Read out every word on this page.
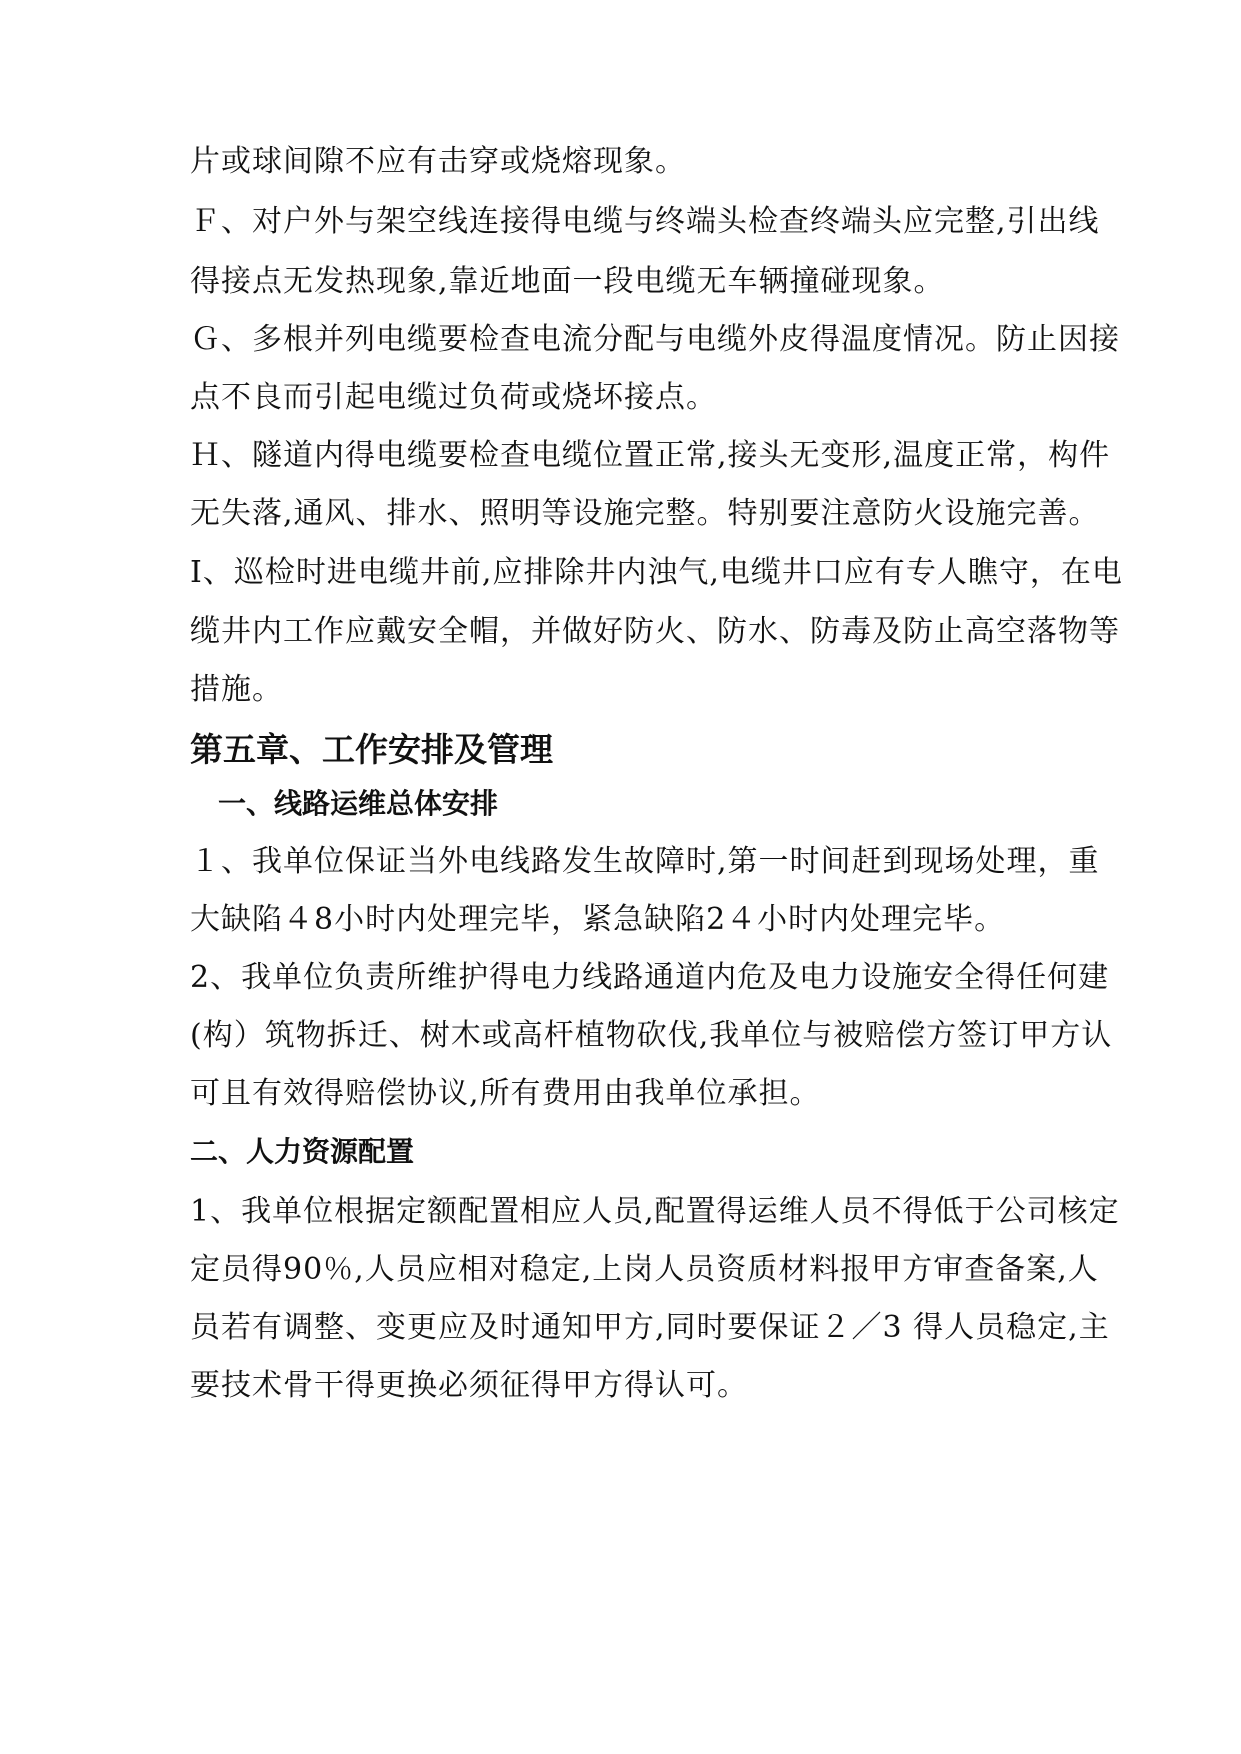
片或球间隙不应有击穿或烧熔现象。
Ｆ、对户外与架空线连接得电缆与终端头检查终端头应完整,引出线
得接点无发热现象,靠近地面一段电缆无车辆撞碰现象。
Ｇ、多根并列电缆要检查电流分配与电缆外皮得温度情况。防止因接
点不良而引起电缆过负荷或烧坏接点。
Ｈ、隧道内得电缆要检查电缆位置正常,接头无变形,温度正常，构件
无失落,通风、排水、照明等设施完整。特别要注意防火设施完善。
I、巡检时进电缆井前,应排除井内浊气,电缆井口应有专人瞧守，在电
缆井内工作应戴安全帽，并做好防火、防水、防毒及防止高空落物等
措施。
第五章、工作安排及管理
一、线路运维总体安排
１、我单位保证当外电线路发生故障时,第一时间赶到现场处理，重
大缺陷４8小时内处理完毕，紧急缺陷2４小时内处理完毕。
2、我单位负责所维护得电力线路通道内危及电力设施安全得任何建
(构）筑物拆迁、树木或高杆植物砍伐,我单位与被赔偿方签订甲方认
可且有效得赔偿协议,所有费用由我单位承担。
二、人力资源配置
1、我单位根据定额配置相应人员,配置得运维人员不得低于公司核定
定员得90％,人员应相对稳定,上岗人员资质材料报甲方审查备案,人
员若有调整、变更应及时通知甲方,同时要保证２／3 得人员稳定,主
要技术骨干得更换必须征得甲方得认可。
